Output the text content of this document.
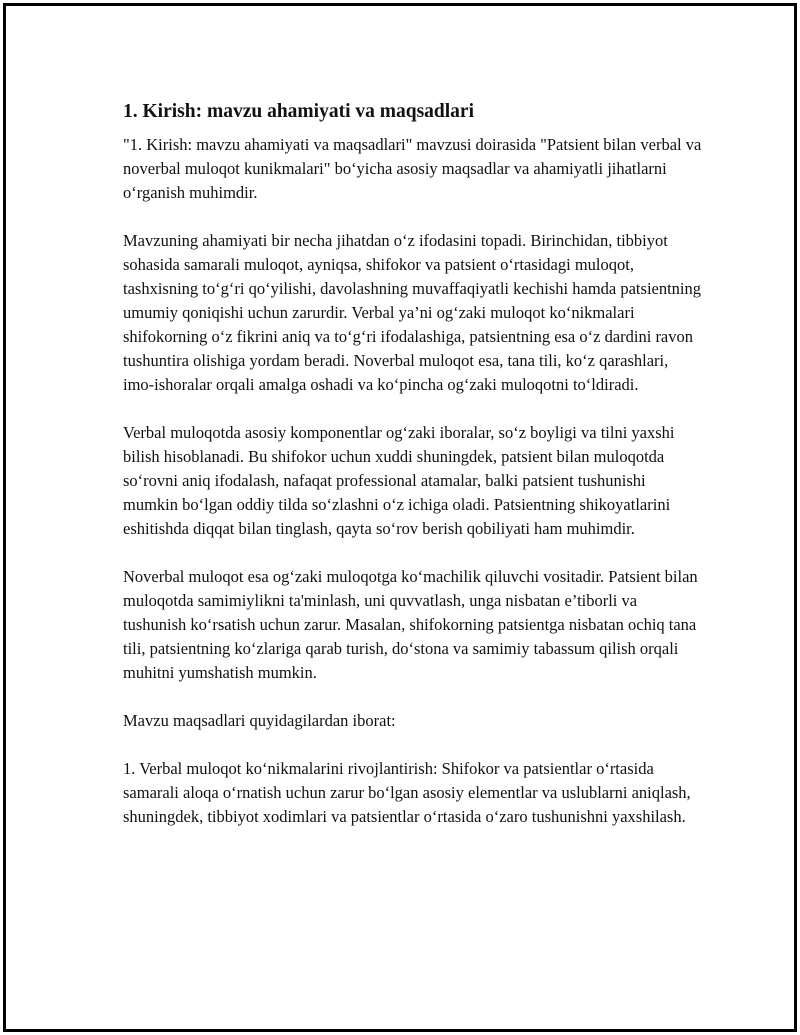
1. Kirish: mavzu ahamiyati va maqsadlari

"1. Kirish: mavzu ahamiyati va maqsadlari" mavzusi doirasida "Patsient bilan verbal va noverbal muloqot kunikmalari" bo‘yicha asosiy maqsadlar va ahamiyatli jihatlarni o‘rganish muhimdir.

Mavzuning ahamiyati bir necha jihatdan o‘z ifodasini topadi. Birinchidan, tibbiyot sohasida samarali muloqot, ayniqsa, shifokor va patsient o‘rtasidagi muloqot, tashxisning to‘g‘ri qo‘yilishi, davolashning muvaffaqiyatli kechishi hamda patsientning umumiy qoniqishi uchun zarurdir. Verbal ya’ni og‘zaki muloqot ko‘nikmalari shifokorning o‘z fikrini aniq va to‘g‘ri ifodalashiga, patsientning esa o‘z dardini ravon tushuntira olishiga yordam beradi. Noverbal muloqot esa, tana tili, ko‘z qarashlari, imo-ishoralar orqali amalga oshadi va ko‘pincha og‘zaki muloqotni to‘ldiradi.

Verbal muloqotda asosiy komponentlar og‘zaki iboralar, so‘z boyligi va tilni yaxshi bilish hisoblanadi. Bu shifokor uchun xuddi shuningdek, patsient bilan muloqotda so‘rovni aniq ifodalash, nafaqat professional atamalar, balki patsient tushunishi mumkin bo‘lgan oddiy tilda so‘zlashni o‘z ichiga oladi. Patsientning shikoyatlarini eshitishda diqqat bilan tinglash, qayta so‘rov berish qobiliyati ham muhimdir.

Noverbal muloqot esa og‘zaki muloqotga ko‘machilik qiluvchi vositadir. Patsient bilan muloqotda samimiylikni ta'minlash, uni quvvatlash, unga nisbatan e’tiborli va tushunish ko‘rsatish uchun zarur. Masalan, shifokorning patsientga nisbatan ochiq tana tili, patsientning ko‘zlariga qarab turish, do‘stona va samimiy tabassum qilish orqali muhitni yumshatish mumkin.

Mavzu maqsadlari quyidagilardan iborat:

1. Verbal muloqot ko‘nikmalarini rivojlantirish: Shifokor va patsientlar o‘rtasida samarali aloqa o‘rnatish uchun zarur bo‘lgan asosiy elementlar va uslublarni aniqlash, shuningdek, tibbiyot xodimlari va patsientlar o‘rtasida o‘zaro tushunishni yaxshilash.
